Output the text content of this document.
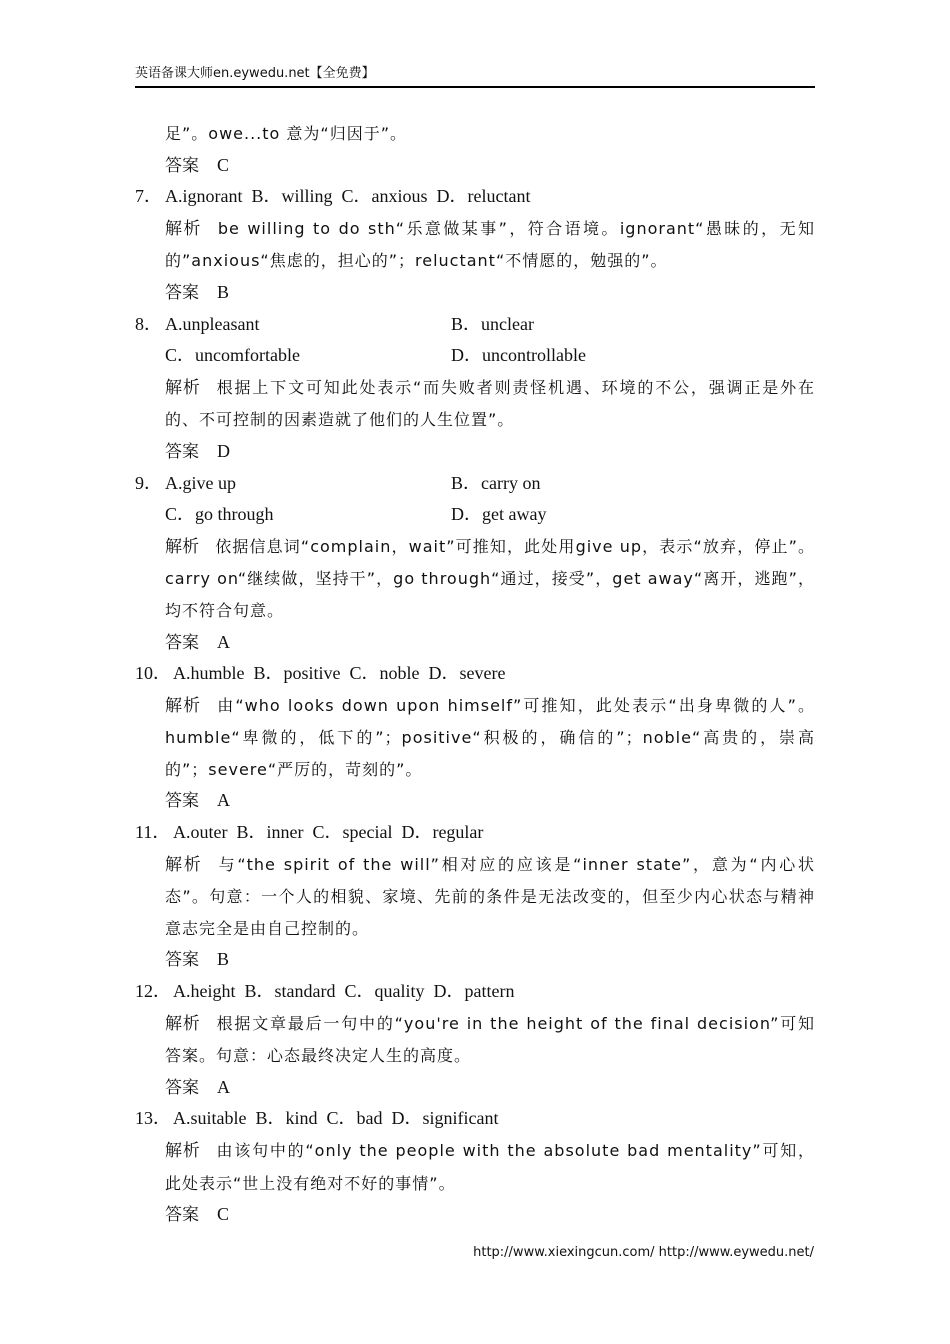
英语备课大师en.eywedu.net【全免费】
足”。owe...to 意为“归因于”。
答案 C
7． A.ignorant  B．willing  C．anxious  D．reluctant
解析 be willing to do sth“乐意做某事”，符合语境。ignorant“愚昧的，无知的”anxious“焦虑的，担心的”；reluctant“不情愿的，勉强的”。
答案 B
8． A.unpleasant	B．unclear
C．uncomfortable	D．uncontrollable
解析 根据上下文可知此处表示“而失败者则责怪机遇、环境的不公，强调正是外在的、不可控制的因素造就了他们的人生位置”。
答案 D
9． A.give up	B．carry on
C．go through	D．get away
解析 依据信息词“complain，wait”可推知，此处用give up，表示“放弃，停止”。carry on“继续做，坚持干”，go through“通过，接受”，get away“离开，逃跑”，均不符合句意。
答案 A
10． A.humble  B．positive  C．noble  D．severe
解析 由“who looks down upon himself”可推知，此处表示“出身卑微的人”。humble“卑微的，低下的”；positive“积极的，确信的”；noble“高贵的，崇高的”；severe“严厉的，苛刻的”。
答案 A
11． A.outer  B．inner  C．special  D．regular
解析 与“the spirit of the will”相对应的应该是“inner state”，意为“内心状态”。句意：一个人的相貌、家境、先前的条件是无法改变的，但至少内心状态与精神意志完全是由自己控制的。
答案 B
12． A.height  B．standard  C．quality  D．pattern
解析 根据文章最后一句中的“you're in the height of the final decision”可知答案。句意：心态最终决定人生的高度。
答案 A
13． A.suitable  B．kind  C．bad  D．significant
解析 由该句中的“only the people with the absolute bad mentality”可知，此处表示“世上没有绝对不好的事情”。
答案 C
http://www.xiexingcun.com/ http://www.eywedu.net/
